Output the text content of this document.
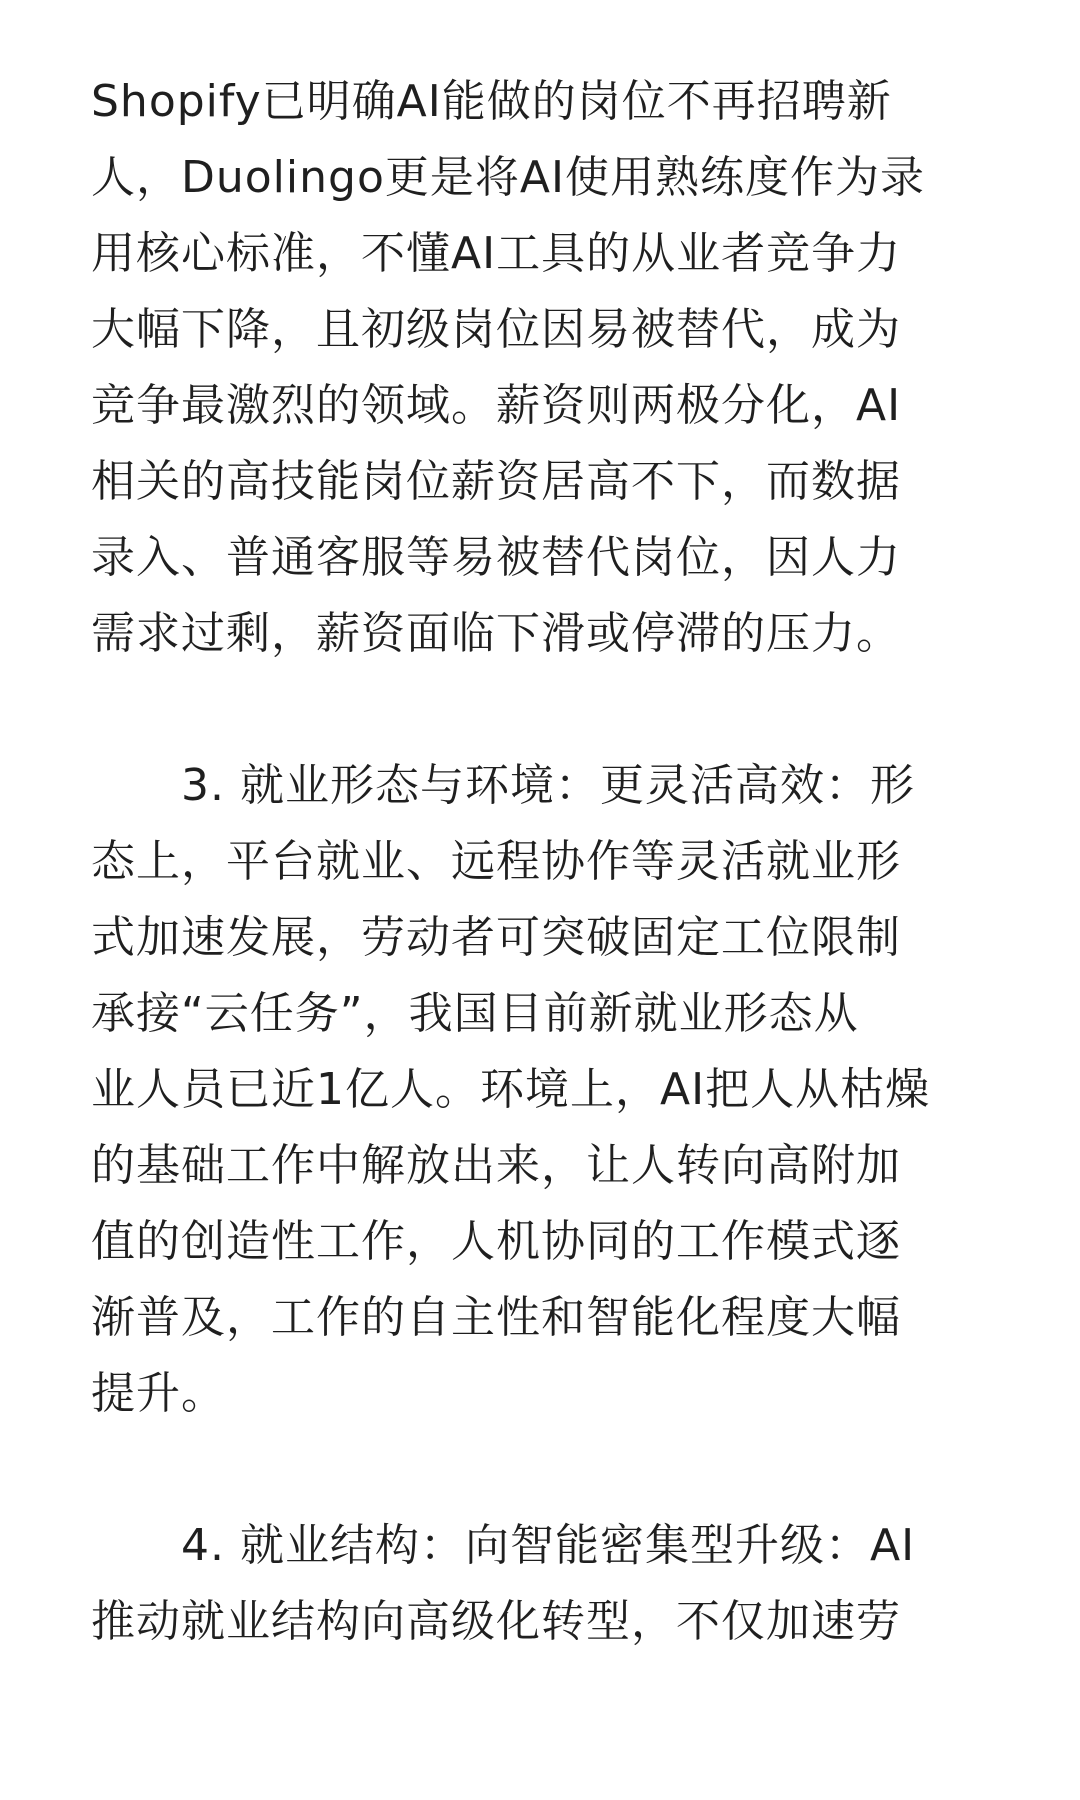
Shopify已明确AI能做的岗位不再招聘新
人，Duolingo更是将AI使用熟练度作为录
用核心标准，不懂AI工具的从业者竞争力
大幅下降，且初级岗位因易被替代，成为
竞争最激烈的领域。薪资则两极分化，AI
相关的高技能岗位薪资居高不下，而数据
录入、普通客服等易被替代岗位，因人力
需求过剩，薪资面临下滑或停滞的压力。
3. 就业形态与环境：更灵活高效：形
态上，平台就业、远程协作等灵活就业形
式加速发展，劳动者可突破固定工位限制
承接“云任务”，我国目前新就业形态从
业人员已近1亿人。环境上，AI把人从枯燥
的基础工作中解放出来，让人转向高附加
值的创造性工作，人机协同的工作模式逐
渐普及，工作的自主性和智能化程度大幅
提升。
4. 就业结构：向智能密集型升级：AI
推动就业结构向高级化转型，不仅加速劳
